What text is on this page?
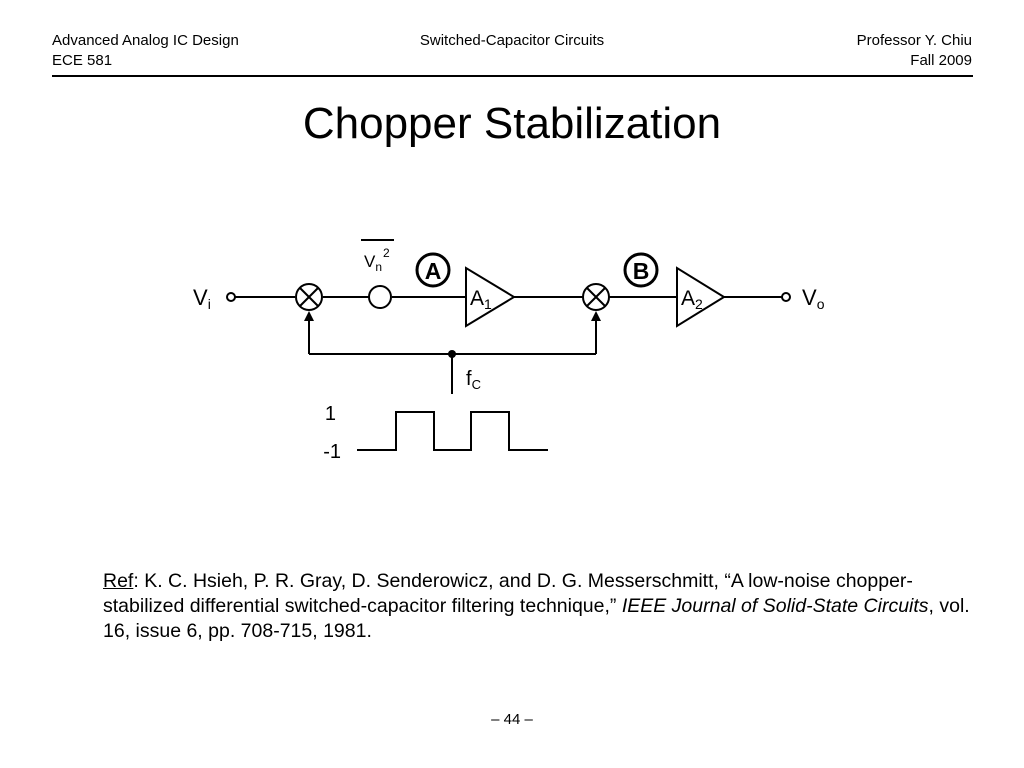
Advanced Analog IC Design
ECE 581
Switched-Capacitor Circuits	Professor Y. Chiu
Fall 2009
Chopper Stabilization
Vi	Vo
$V_n^2$
A1	A2
A	B
$f_C$
1
-1
Ref: K. C. Hsieh, P. R. Gray, D. Senderowicz, and D. G. Messerschmitt, “A low-noise chopper-stabilized differential switched-capacitor filtering technique,” IEEE Journal of Solid-State Circuits, vol. 16, issue 6, pp. 708-715, 1981.
– 44 –
